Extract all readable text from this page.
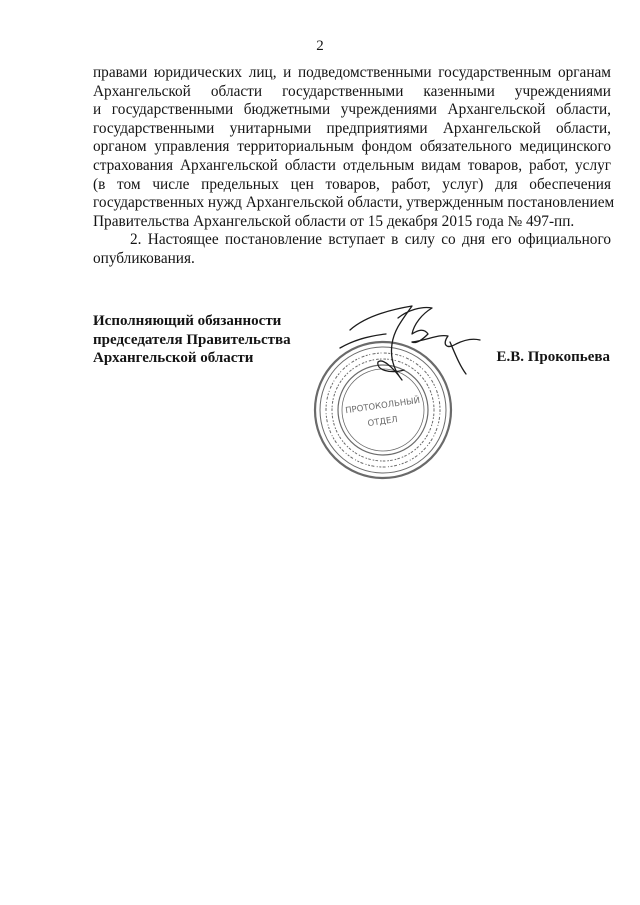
2
правами юридических лиц, и подведомственными государственным органам
Архангельской области государственными казенными учреждениями
и государственными бюджетными учреждениями Архангельской области,
государственными унитарными предприятиями Архангельской области,
органом управления территориальным фондом обязательного медицинского
страхования Архангельской области отдельным видам товаров, работ, услуг
(в том числе предельных цен товаров, работ, услуг) для обеспечения
государственных нужд Архангельской области, утвержденным постановлением
Правительства Архангельской области от 15 декабря 2015 года № 497-пп.
2. Настоящее постановление вступает в силу со дня его официального
опубликования.
Исполняющий обязанности
председателя Правительства
Архангельской области
ПРОТОКОЛЬНЫЙ
ОТДЕЛ
Е.В. Прокопьева
